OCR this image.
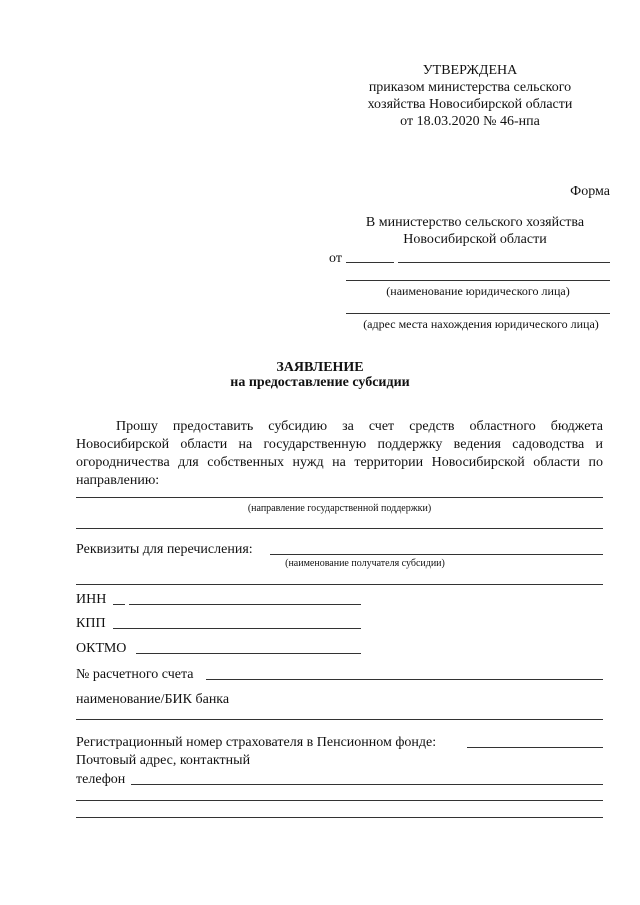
УТВЕРЖДЕНА
приказом министерства сельского
хозяйства Новосибирской области
от 18.03.2020 № 46-нпа
Форма
В министерство сельского хозяйства
Новосибирской области
от
(наименование юридического лица)
(адрес места нахождения юридического лица)
ЗАЯВЛЕНИЕ
на предоставление субсидии
Прошу предоставить субсидию за счет средств областного бюджета Новосибирской области на государственную поддержку ведения садоводства и огородничества для собственных нужд на территории Новосибирской области по направлению:
(направление государственной поддержки)
Реквизиты для перечисления:
(наименование получателя субсидии)
ИНН
КПП
ОКТМО
№ расчетного счета
наименование/БИК банка
Регистрационный номер страхователя в Пенсионном фонде:
Почтовый адрес, контактный
телефон
